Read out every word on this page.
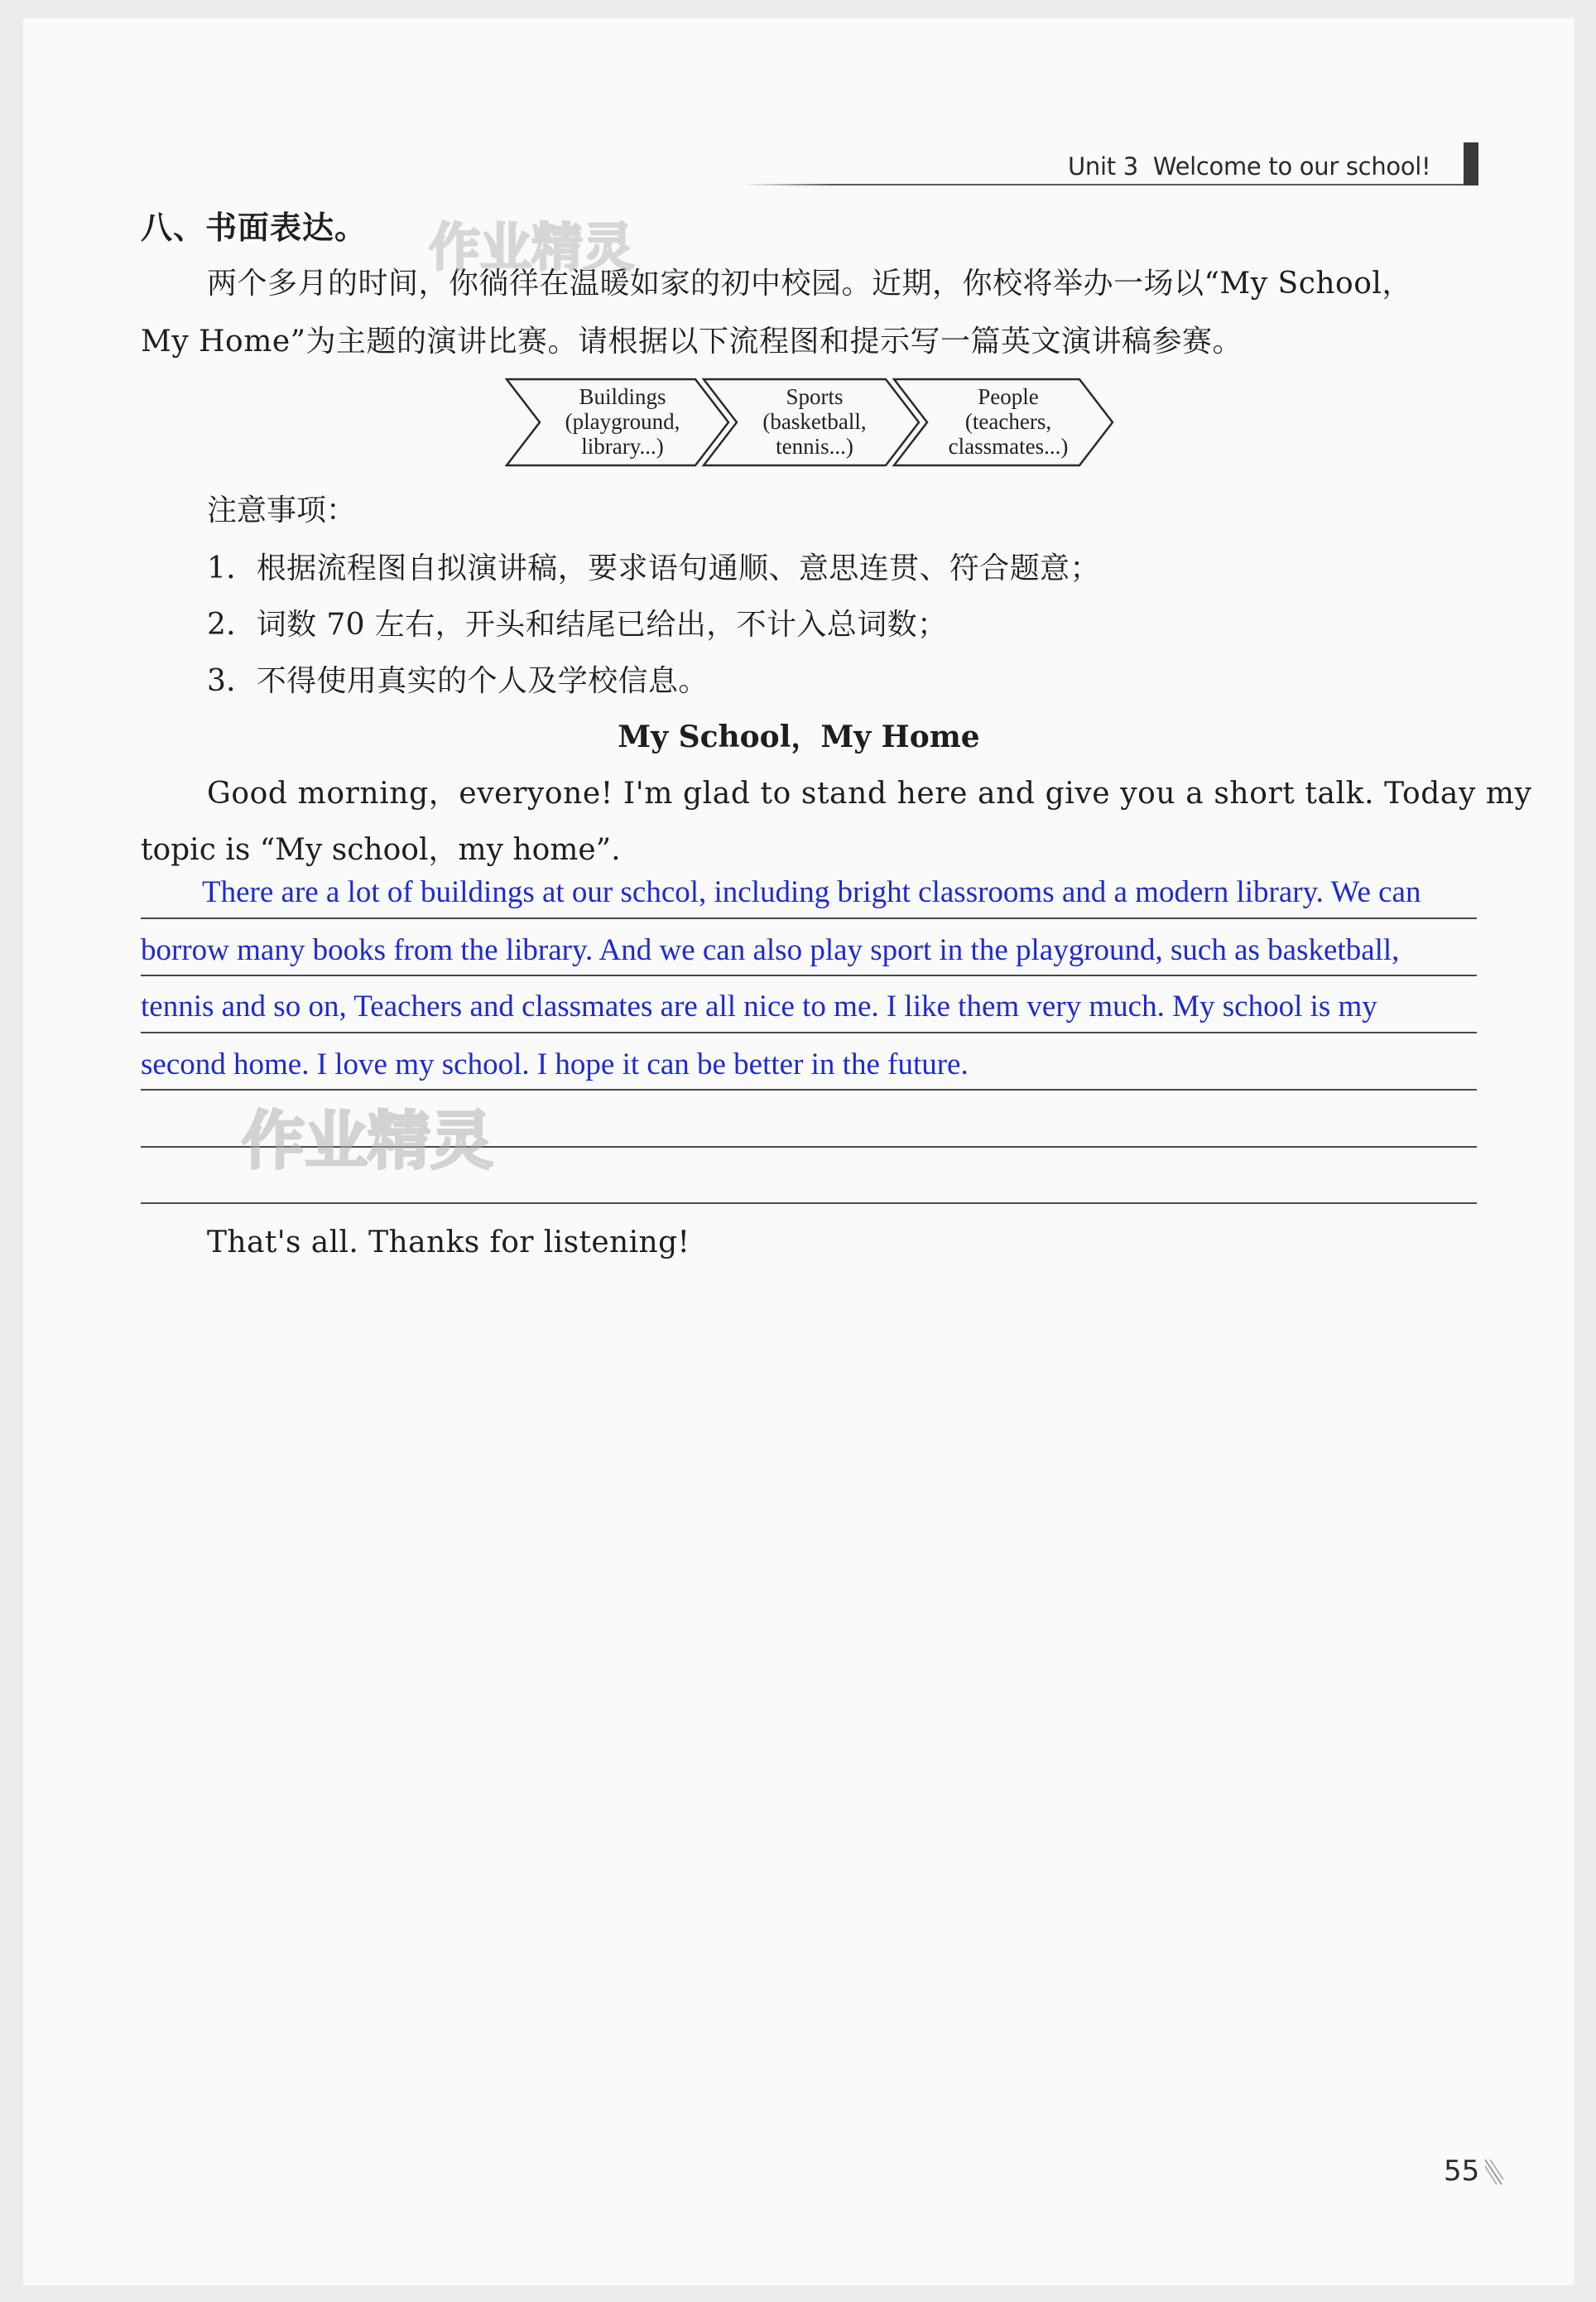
Unit 3 Welcome to our school!
八、书面表达。
两个多月的时间，你徜徉在温暖如家的初中校园。近期，你校将举办一场以“My School，
My Home”为主题的演讲比赛。请根据以下流程图和提示写一篇英文演讲稿参赛。
Buildings
(playground,
library...)
Sports
(basketball,
tennis...)
People
(teachers,
classmates...)
注意事项：
1．根据流程图自拟演讲稿，要求语句通顺、意思连贯、符合题意；
2．词数 70 左右，开头和结尾已给出，不计入总词数；
3．不得使用真实的个人及学校信息。
My School，My Home
Good morning，everyone! I'm glad to stand here and give you a short talk. Today my
topic is “My school，my home”.
There are a lot of buildings at our schcol, including bright classrooms and a modern library. We can
borrow many books from the library. And we can also play sport in the playground, such as basketball,
tennis and so on, Teachers and classmates are all nice to me. I like them very much. My school is my
second home. I love my school. I hope it can be better in the future.
That's all. Thanks for listening!
作业精灵
作业精灵
55
